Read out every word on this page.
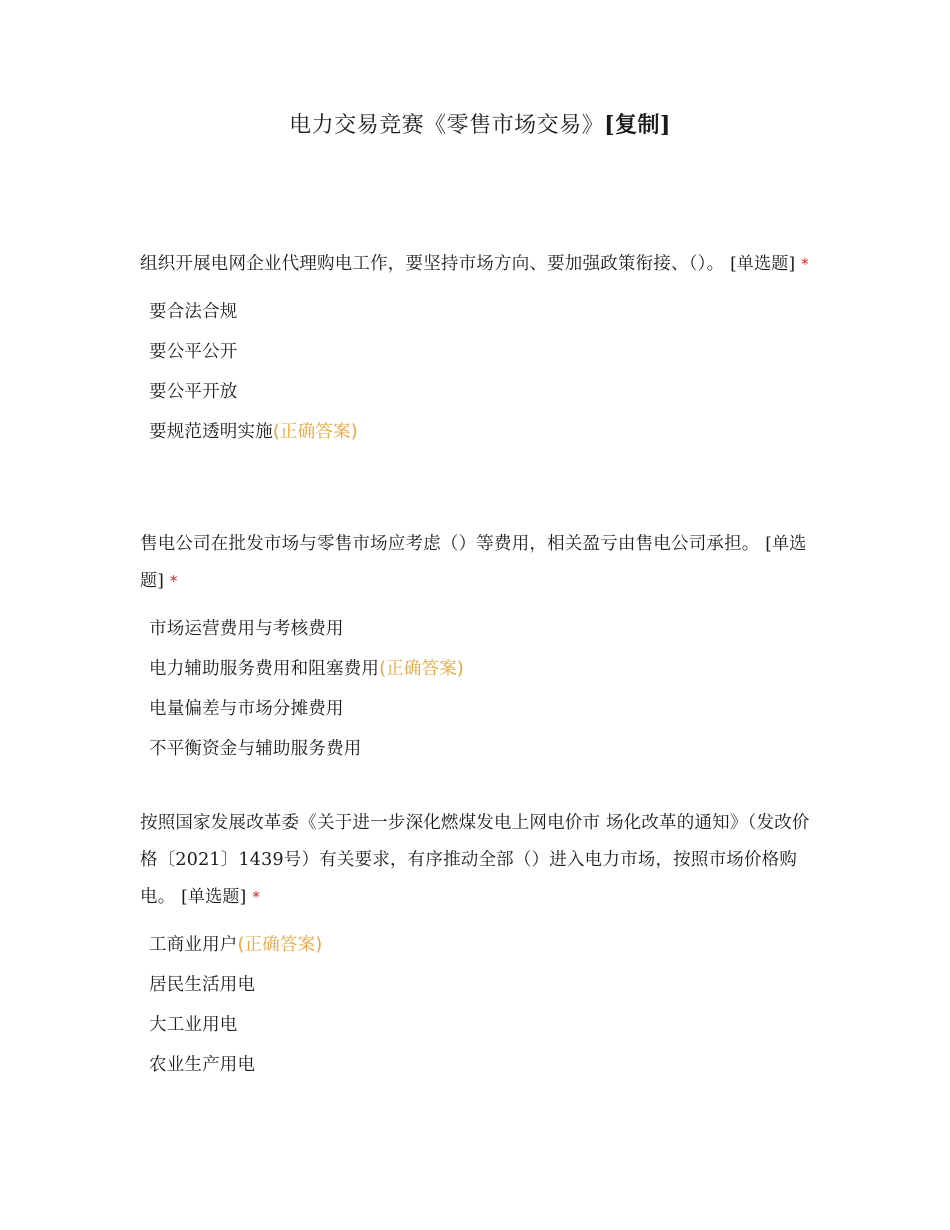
电力交易竞赛《零售市场交易》[复制]

组织开展电网企业代理购电工作，要坚持市场方向、要加强政策衔接、（）。 [单选题] *

要合法合规
要公平公开
要公平开放
要规范透明实施(正确答案)

售电公司在批发市场与零售市场应考虑（）等费用，相关盈亏由售电公司承担。 [单选题] *

市场运营费用与考核费用
电力辅助服务费用和阻塞费用(正确答案)
电量偏差与市场分摊费用
不平衡资金与辅助服务费用

按照国家发展改革委《关于进一步深化燃煤发电上网电价市 场化改革的通知》（发改价格〔2021〕1439号）有关要求，有序推动全部（）进入电力市场，按照市场价格购电。 [单选题] *

工商业用户(正确答案)
居民生活用电
大工业用电
农业生产用电
